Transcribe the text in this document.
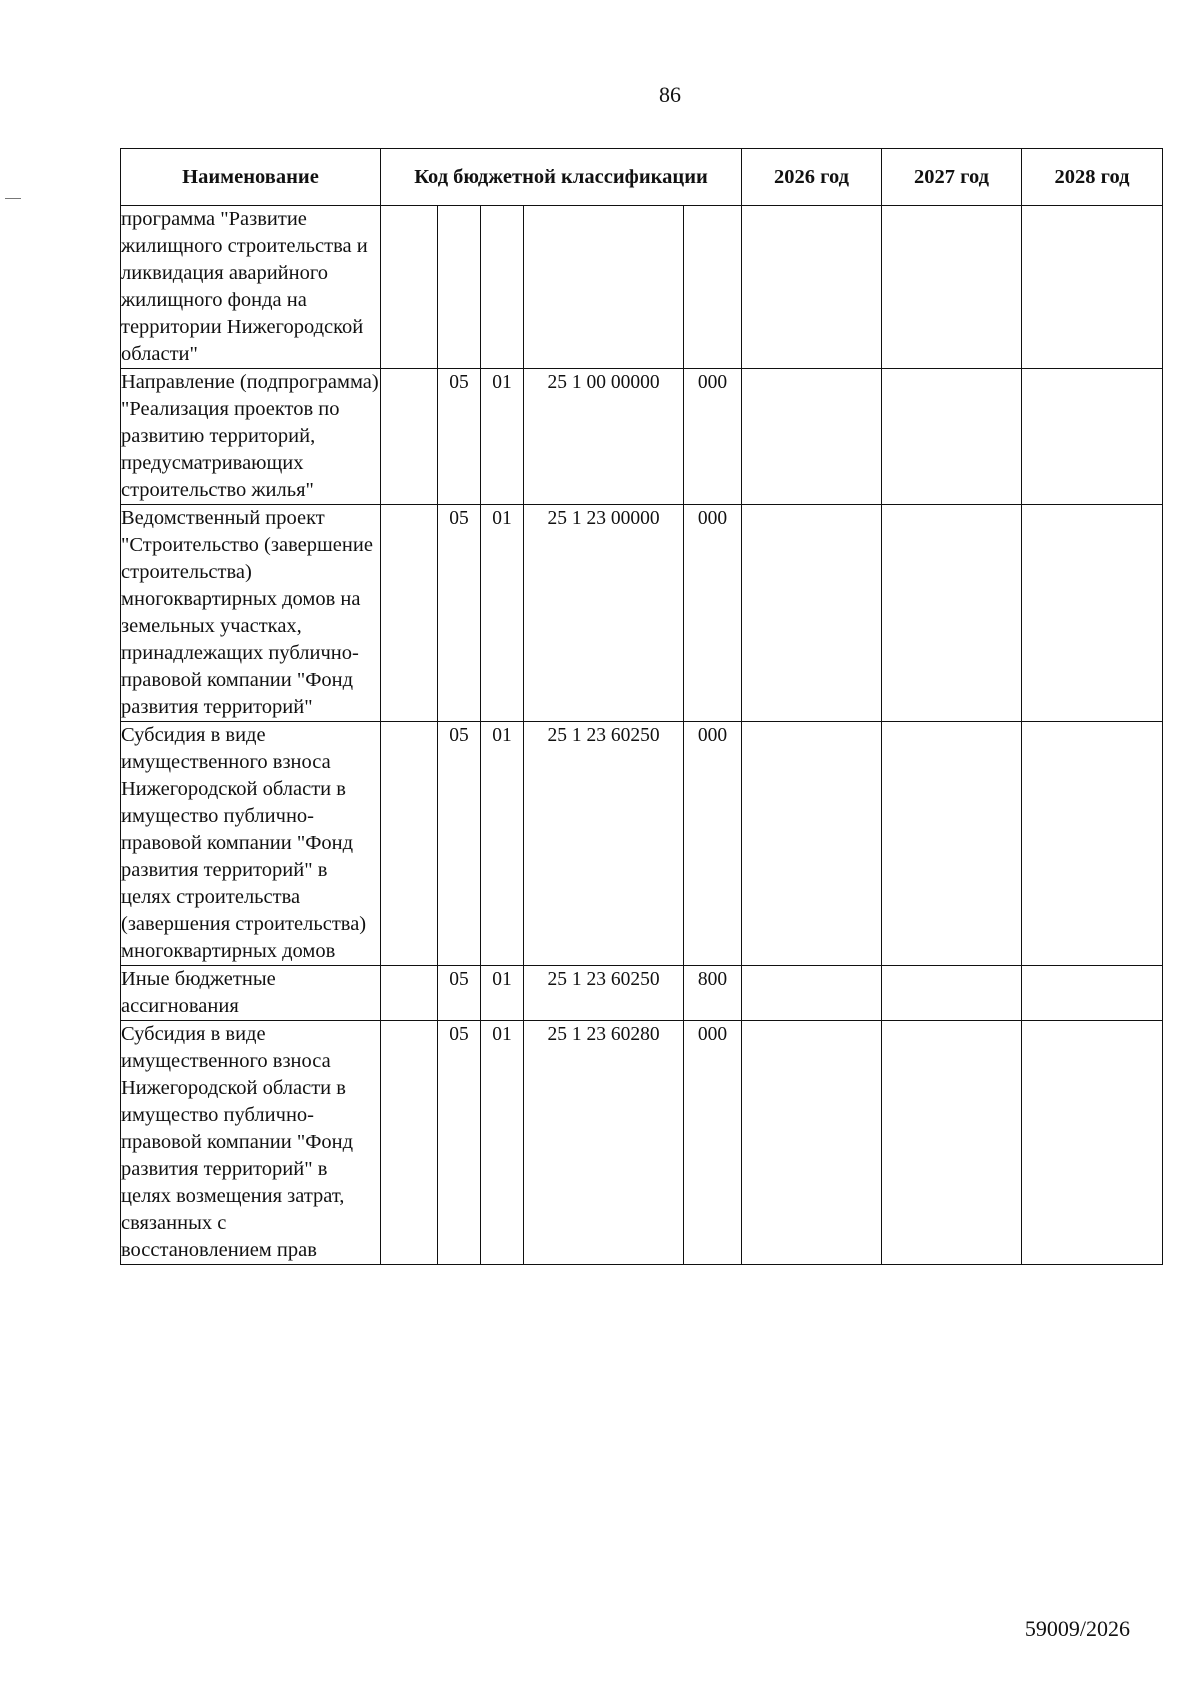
86
Наименование	Код бюджетной классификации					2026 год	2027 год	2028 год
программа "Развитие жилищного строительства и ликвидация аварийного жилищного фонда на территории Нижегородской области"								
Направление (подпрограмма) "Реализация проектов по развитию территорий, предусматривающих строительство жилья"		05	01	25 1 00 00000	000			
Ведомственный проект "Строительство (завершение строительства) многоквартирных домов на земельных участках, принадлежащих публично-правовой компании "Фонд развития территорий"		05	01	25 1 23 00000	000			
Субсидия в виде имущественного взноса Нижегородской области в имущество публично-правовой компании "Фонд развития территорий" в целях строительства (завершения строительства) многоквартирных домов		05	01	25 1 23 60250	000			
Иные бюджетные ассигнования		05	01	25 1 23 60250	800			
Субсидия в виде имущественного взноса Нижегородской области в имущество публично-правовой компании "Фонд развития территорий" в целях возмещения затрат, связанных с восстановлением прав		05	01	25 1 23 60280	000			
59009/2026
